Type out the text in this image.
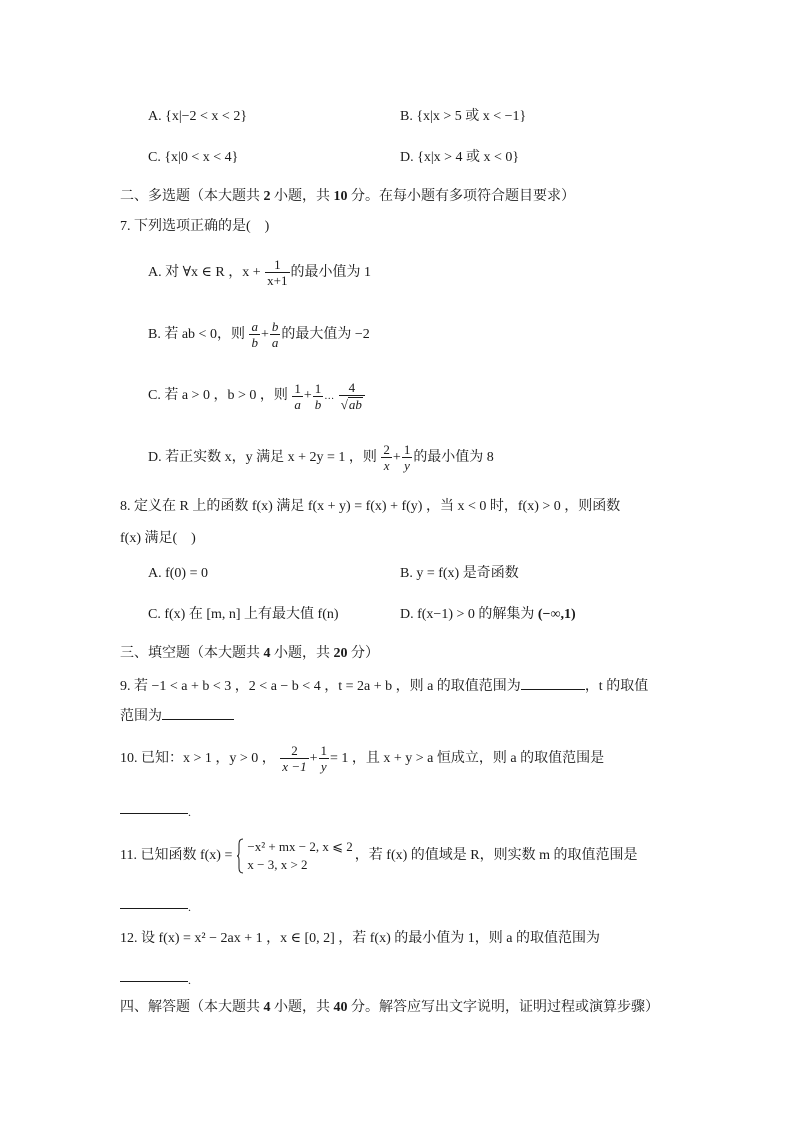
A. {x|−2 < x < 2}	B. {x|x > 5 或 x < −1}
C. {x|0 < x < 4}	D. {x|x > 4 或 x < 0}
二、多选题（本大题共 2 小题，共 10 分。在每小题有多项符合题目要求）
7. 下列选项正确的是(　)
A. 对 ∀x ∈ R ，$x + \frac{1}{x+1}$ 的最小值为 1
B. 若 ab < 0，则 $\frac{a}{b} + \frac{b}{a}$ 的最大值为 −2
C. 若 a > 0 ，b > 0 ，则 $\frac{1}{a} + \frac{1}{b}$ … $\frac{4}{√ab}$
D. 若正实数 x，y 满足 x + 2y = 1 ，则 $\frac{2}{x} + \frac{1}{y}$ 的最小值为 8
8. 定义在 R 上的函数 f(x) 满足 f(x + y) = f(x) + f(y) ，当 x < 0 时，f(x) > 0 ，则函数
f(x) 满足(　)
A. f(0) = 0	B. y = f(x) 是奇函数
C. f(x) 在 [m, n] 上有最大值 f(n)	D. f(x−1) > 0 的解集为 (−∞,1)
三、填空题（本大题共 4 小题，共 20 分）
9. 若 −1 < a + b < 3 ，2 < a − b < 4 ，t = 2a + b ，则 a 的取值范围为	，t 的取值
范围为
10. 已知：x > 1 ，y > 0 ， $\frac{2}{x -1} + \frac{1}{y} = 1$ ，且 x + y > a 恒成立，则 a 的取值范围是
.
11. 已知函数 f(x) =
−x² + mx − 2, x ⩽ 2
x − 3, x > 2
，若 f(x) 的值域是 R，则实数 m 的取值范围是
.
12. 设 f(x) = x² − 2ax + 1 ，x ∈ [0, 2] ，若 f(x) 的最小值为 1，则 a 的取值范围为
.
四、解答题（本大题共 4 小题，共 40 分。解答应写出文字说明，证明过程或演算步骤）
